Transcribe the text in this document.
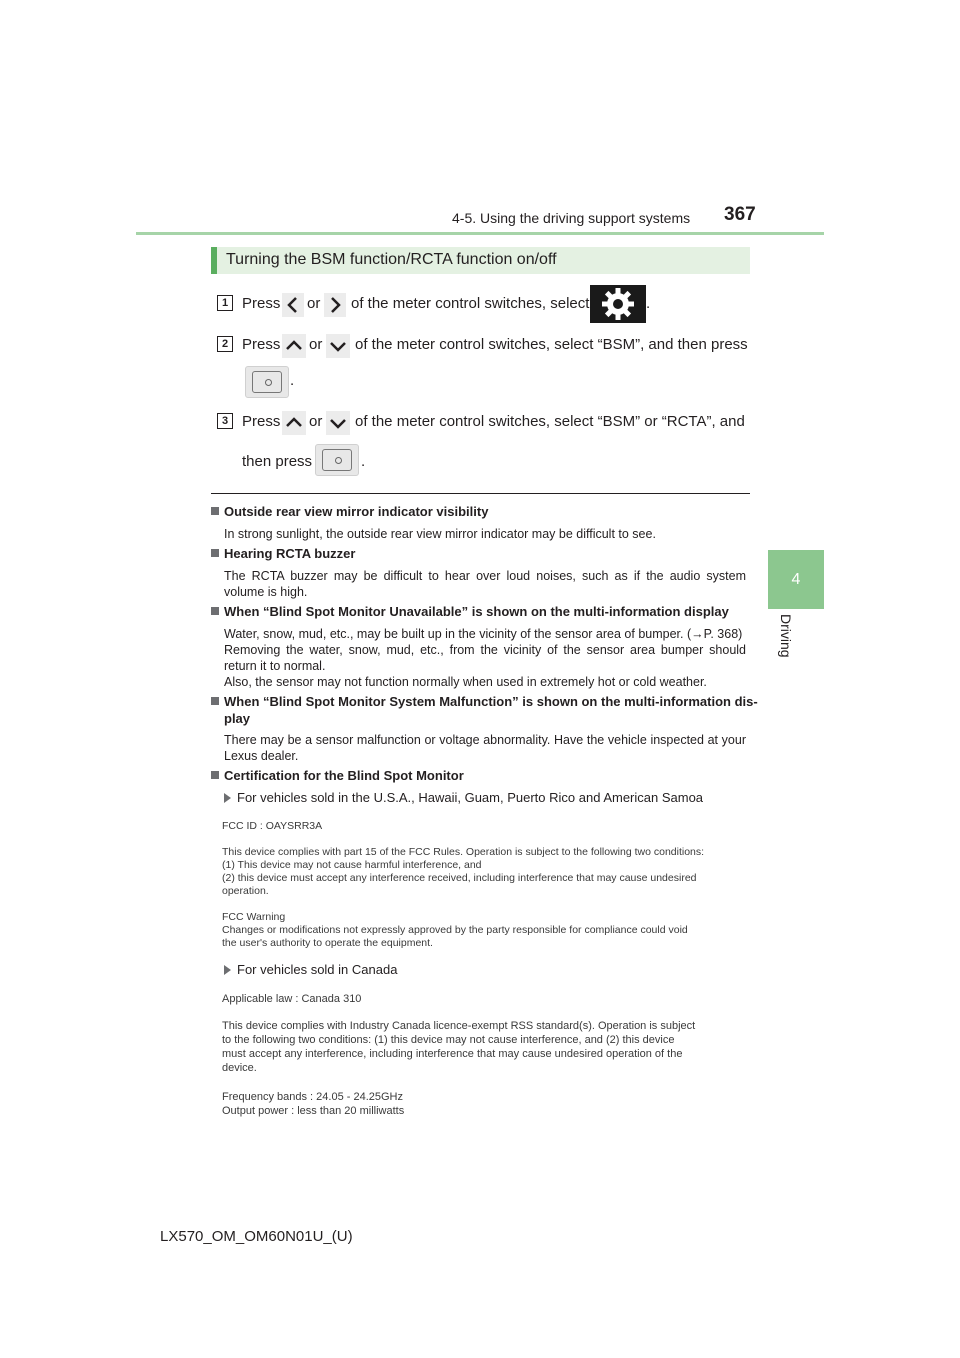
4-5. Using the driving support systems 367
4
Driving
Turning the BSM function/RCTA function on/off
1 Press or of the meter control switches, select	.
2 Press or of the meter control switches, select “BSM”, and then press
.
3 Press or of the meter control switches, select “BSM” or “RCTA”, and
then press	.
Outside rear view mirror indicator visibility
In strong sunlight, the outside rear view mirror indicator may be difficult to see.
Hearing RCTA buzzer
The RCTA buzzer may be difficult to hear over loud noises, such as if the audio system volume is high.
When “Blind Spot Monitor Unavailable” is shown on the multi-information display
Water, snow, mud, etc., may be built up in the vicinity of the sensor area of bumper. (→P. 368)
Removing the water, snow, mud, etc., from the vicinity of the sensor area bumper should return it to normal.
Also, the sensor may not function normally when used in extremely hot or cold weather.
When “Blind Spot Monitor System Malfunction” is shown on the multi-information dis-
play
There may be a sensor malfunction or voltage abnormality. Have the vehicle inspected at your Lexus dealer.
Certification for the Blind Spot Monitor
For vehicles sold in the U.S.A., Hawaii, Guam, Puerto Rico and American Samoa
FCC ID : OAYSRR3A
This device complies with part 15 of the FCC Rules. Operation is subject to the following two conditions:
(1) This device may not cause harmful interference, and
(2) this device must accept any interference received, including interference that may cause undesired
operation.
FCC Warning
Changes or modifications not expressly approved by the party responsible for compliance could void
the user's authority to operate the equipment.
For vehicles sold in Canada
Applicable law : Canada 310
This device complies with Industry Canada licence-exempt RSS standard(s). Operation is subject
to the following two conditions: (1) this device may not cause interference, and (2) this device
must accept any interference, including interference that may cause undesired operation of the
device.
Frequency bands : 24.05 - 24.25GHz
Output power : less than 20 milliwatts
LX570_OM_OM60N01U_(U)
